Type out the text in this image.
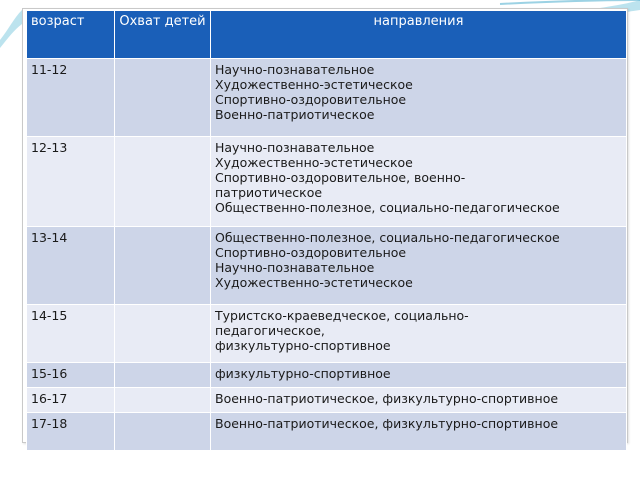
возраст	Охват детей	направления
11-12		Научно-познавательное
Художественно-эстетическое
Спортивно-оздоровительное
Военно-патриотическое

12-13		Научно-познавательное
Художественно-эстетическое
Спортивно-оздоровительное, военно-
патриотическое
Общественно-полезное, социально-педагогическое

13-14		Общественно-полезное, социально-педагогическое
Спортивно-оздоровительное
Научно-познавательное
Художественно-эстетическое

14-15		Туристско-краеведческое, социально-
педагогическое,
физкультурно-спортивное

15-16		физкультурно-спортивное

16-17		Военно-патриотическое, физкультурно-спортивное

17-18		Военно-патриотическое, физкультурно-спортивное
